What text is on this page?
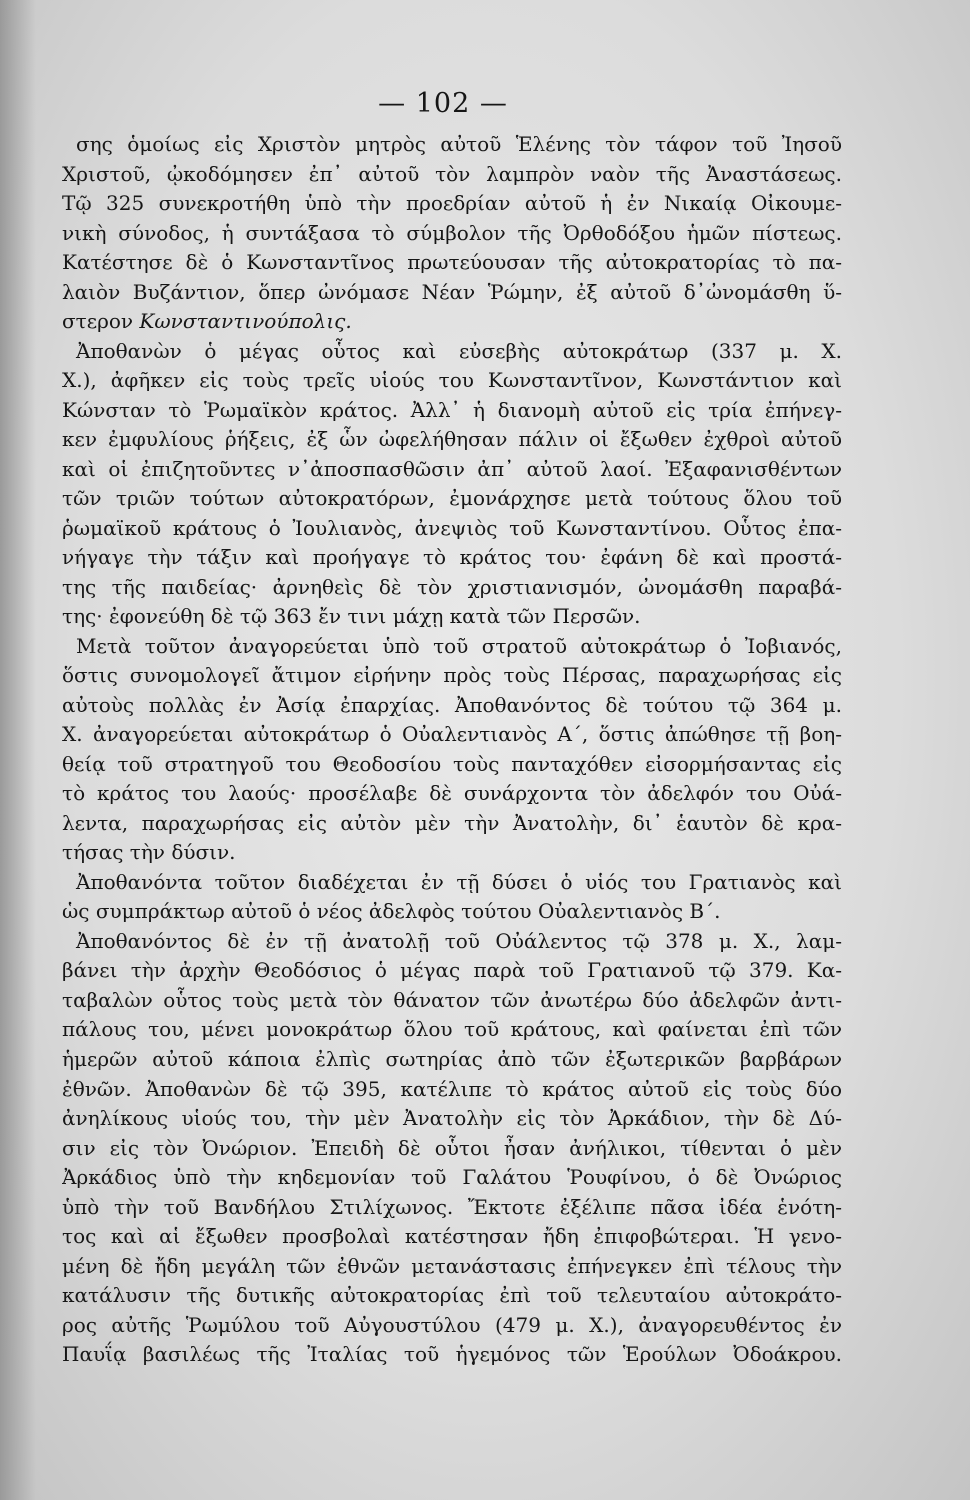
— 102 —
σης ὁμοίως εἰς Χριστὸν μητρὸς αὐτοῦ Ἑλένης τὸν τάφον τοῦ Ἰησοῦ
Χριστοῦ, ᾠκοδόμησεν ἐπ᾽ αὐτοῦ τὸν λαμπρὸν ναὸν τῆς Ἀναστάσεως.
Τῷ 325 συνεκροτήθη ὑπὸ τὴν προεδρίαν αὐτοῦ ἡ ἐν Νικαίᾳ Οἰκουμε-
νικὴ σύνοδος, ἡ συντάξασα τὸ σύμβολον τῆς Ὀρθοδόξου ἡμῶν πίστεως.
Κατέστησε δὲ ὁ Κωνσταντῖνος πρωτεύουσαν τῆς αὐτοκρατορίας τὸ πα-
λαιὸν Βυζάντιον, ὅπερ ὠνόμασε Νέαν Ῥώμην, ἐξ αὐτοῦ δ᾽ὠνομάσθη ὕ-
στερον Κωνσταντινούπολις.
Ἀποθανὼν ὁ μέγας οὗτος καὶ εὐσεβὴς αὐτοκράτωρ (337 μ. Χ.
Χ.), ἀφῆκεν εἰς τοὺς τρεῖς υἱούς του Κωνσταντῖνον, Κωνστάντιον καὶ
Κώνσταν τὸ Ῥωμαϊκὸν κράτος. Ἀλλ᾽ ἡ διανομὴ αὐτοῦ εἰς τρία ἐπήνεγ-
κεν ἐμφυλίους ῥήξεις, ἐξ ὧν ὠφελήθησαν πάλιν οἱ ἔξωθεν ἐχθροὶ αὐτοῦ
καὶ οἱ ἐπιζητοῦντες ν᾽ἀποσπασθῶσιν ἀπ᾽ αὐτοῦ λαοί. Ἐξαφανισθέντων
τῶν τριῶν τούτων αὐτοκρατόρων, ἐμονάρχησε μετὰ τούτους ὅλου τοῦ
ῥωμαϊκοῦ κράτους ὁ Ἰουλιανὸς, ἀνεψιὸς τοῦ Κωνσταντίνου. Οὗτος ἐπα-
νήγαγε τὴν τάξιν καὶ προήγαγε τὸ κράτος του· ἐφάνη δὲ καὶ προστά-
της τῆς παιδείας· ἀρνηθεὶς δὲ τὸν χριστιανισμόν, ὠνομάσθη παραβά-
της· ἐφονεύθη δὲ τῷ 363 ἔν τινι μάχῃ κατὰ τῶν Περσῶν.
Μετὰ τοῦτον ἀναγορεύεται ὑπὸ τοῦ στρατοῦ αὐτοκράτωρ ὁ Ἰοβιανός,
ὅστις συνομολογεῖ ἄτιμον εἰρήνην πρὸς τοὺς Πέρσας, παραχωρήσας εἰς
αὐτοὺς πολλὰς ἐν Ἀσίᾳ ἐπαρχίας. Ἀποθανόντος δὲ τούτου τῷ 364 μ.
Χ. ἀναγορεύεται αὐτοκράτωρ ὁ Οὐαλεντιανὸς Α΄, ὅστις ἀπώθησε τῇ βοη-
θείᾳ τοῦ στρατηγοῦ του Θεοδοσίου τοὺς πανταχόθεν εἰσορμήσαντας εἰς
τὸ κράτος του λαούς· προσέλαβε δὲ συνάρχοντα τὸν ἀδελφόν του Οὐά-
λεντα, παραχωρήσας εἰς αὐτὸν μὲν τὴν Ἀνατολὴν, δι᾽ ἑαυτὸν δὲ κρα-
τήσας τὴν δύσιν.
Ἀποθανόντα τοῦτον διαδέχεται ἐν τῇ δύσει ὁ υἱός του Γρατιανὸς καὶ
ὡς συμπράκτωρ αὐτοῦ ὁ νέος ἀδελφὸς τούτου Οὐαλεντιανὸς Β΄.
Ἀποθανόντος δὲ ἐν τῇ ἀνατολῇ τοῦ Οὐάλεντος τῷ 378 μ. Χ., λαμ-
βάνει τὴν ἀρχὴν Θεοδόσιος ὁ μέγας παρὰ τοῦ Γρατιανοῦ τῷ 379. Κα-
ταβαλὼν οὗτος τοὺς μετὰ τὸν θάνατον τῶν ἀνωτέρω δύο ἀδελφῶν ἀντι-
πάλους του, μένει μονοκράτωρ ὅλου τοῦ κράτους, καὶ φαίνεται ἐπὶ τῶν
ἡμερῶν αὐτοῦ κάποια ἐλπὶς σωτηρίας ἀπὸ τῶν ἐξωτερικῶν βαρβάρων
ἐθνῶν. Ἀποθανὼν δὲ τῷ 395, κατέλιπε τὸ κράτος αὐτοῦ εἰς τοὺς δύο
ἀνηλίκους υἱούς του, τὴν μὲν Ἀνατολὴν εἰς τὸν Ἀρκάδιον, τὴν δὲ Δύ-
σιν εἰς τὸν Ὀνώριον. Ἐπειδὴ δὲ οὗτοι ἦσαν ἀνήλικοι, τίθενται ὁ μὲν
Ἀρκάδιος ὑπὸ τὴν κηδεμονίαν τοῦ Γαλάτου Ῥουφίνου, ὁ δὲ Ὀνώριος
ὑπὸ τὴν τοῦ Βανδήλου Στιλίχωνος. Ἔκτοτε ἐξέλιπε πᾶσα ἰδέα ἑνότη-
τος καὶ αἱ ἔξωθεν προσβολαὶ κατέστησαν ἤδη ἐπιφοβώτεραι. Ἡ γενο-
μένη δὲ ἤδη μεγάλη τῶν ἐθνῶν μετανάστασις ἐπήνεγκεν ἐπὶ τέλους τὴν
κατάλυσιν τῆς δυτικῆς αὐτοκρατορίας ἐπὶ τοῦ τελευταίου αὐτοκράτο-
ρος αὐτῆς Ῥωμύλου τοῦ Αὐγουστύλου (479 μ. Χ.), ἀναγορευθέντος ἐν
Παυΐᾳ βασιλέως τῆς Ἰταλίας τοῦ ἡγεμόνος τῶν Ἑρούλων Ὀδοάκρου.
